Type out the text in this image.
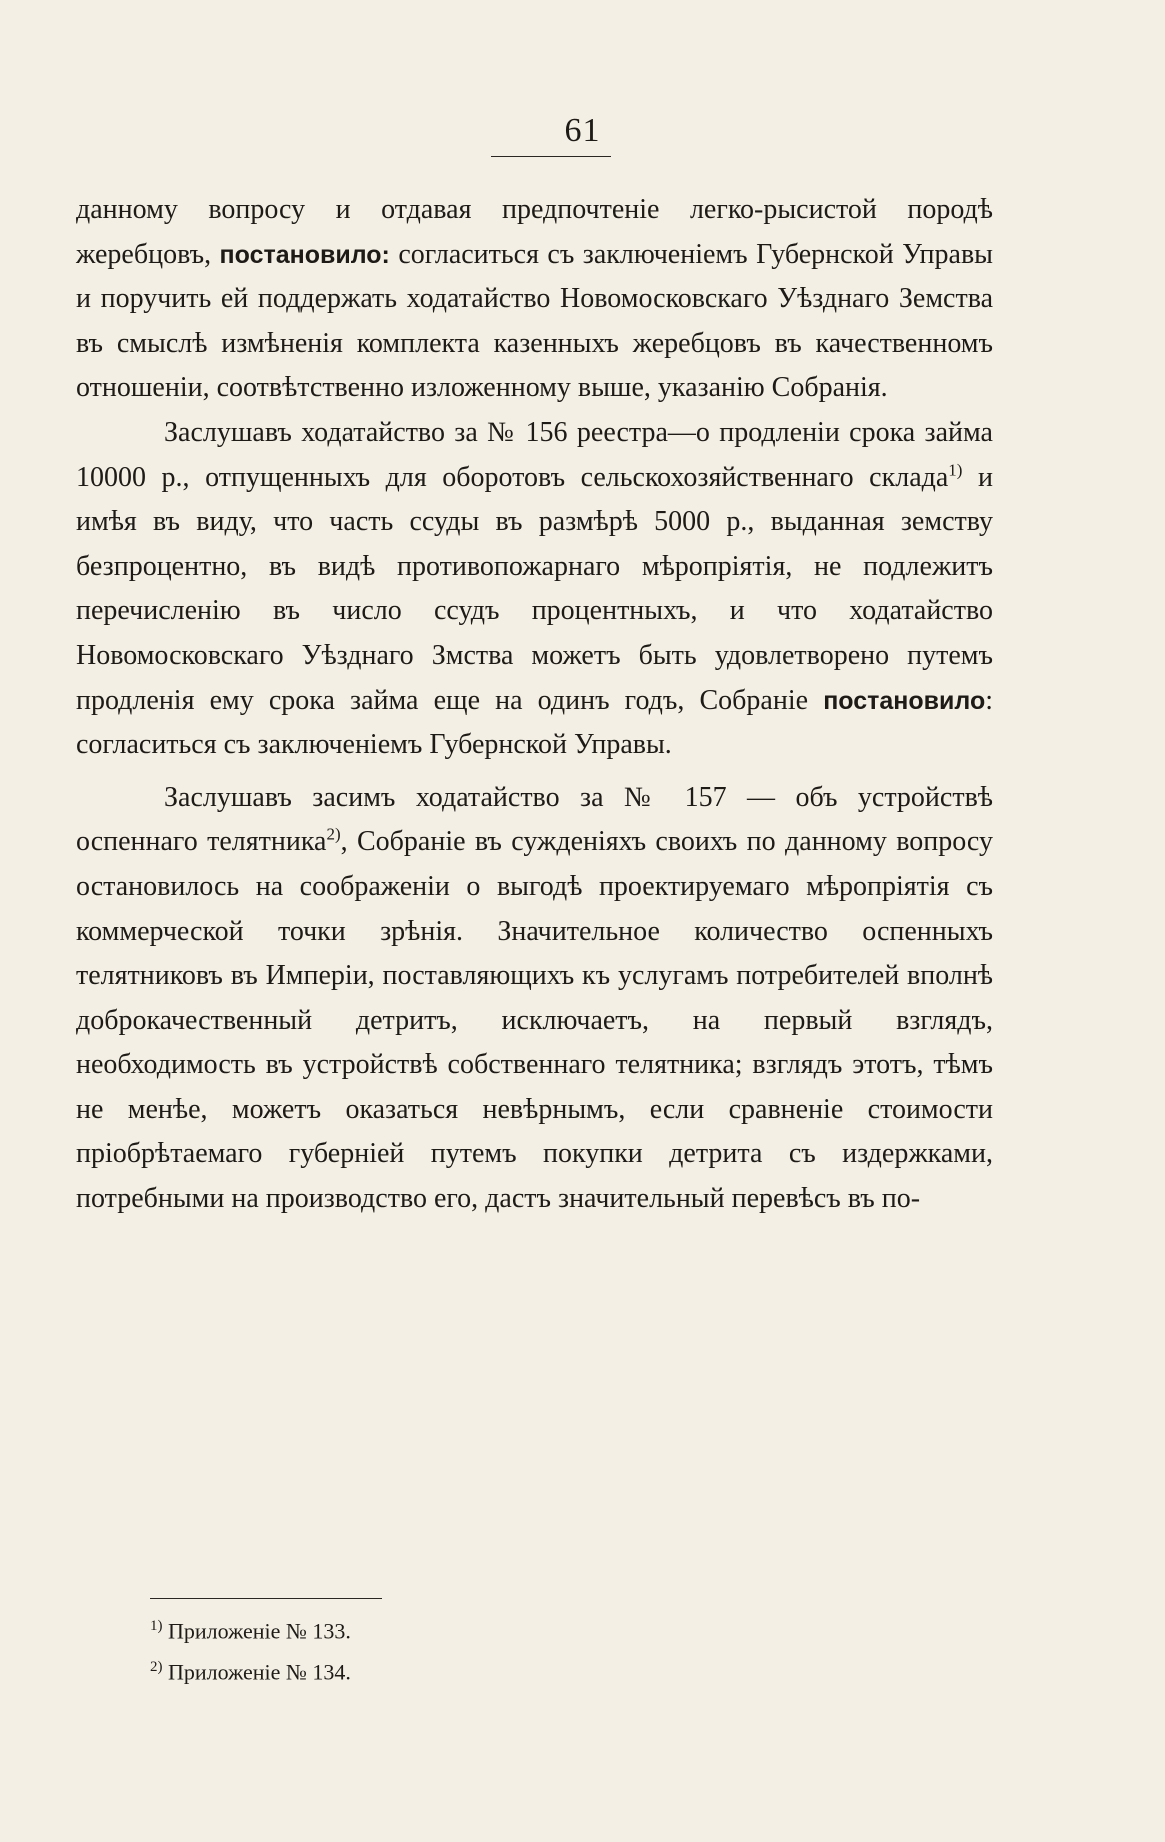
61

данному вопросу и отдавая предпочтеніе легко-рысистой породѣ жеребцовъ, постановило: согласиться съ заключеніемъ Губернской Управы и поручить ей поддержать ходатайство Новомосковскаго Уѣзднаго Земства въ смыслѣ измѣненія комплекта казенныхъ жеребцовъ въ качественномъ отношеніи, соотвѣтственно изложенному выше, указанію Собранія.

Заслушавъ ходатайство за № 156 реестра—о продленіи срока займа 10000 р., отпущенныхъ для оборотовъ сельскохозяйственнаго склада$^{1)}$ и имѣя въ виду, что часть ссуды въ размѣрѣ 5000 р., выданная земству безпроцентно, въ видѣ противопожарнаго мѣропріятія, не подлежитъ перечисленію въ число ссудъ процентныхъ, и что ходатайство Новомосковскаго Уѣзднаго Змства можетъ быть удовлетворено путемъ продленія ему срока займа еще на одинъ годъ, Собраніе постановило: согласиться съ заключеніемъ Губернской Управы.

Заслушавъ засимъ ходатайство за № 157 — объ устройствѣ оспеннаго телятника$^{2)}$, Собраніе въ сужденіяхъ своихъ по данному вопросу остановилось на соображеніи о выгодѣ проектируемаго мѣропріятія съ коммерческой точки зрѣнія. Значительное количество оспенныхъ телятниковъ въ Имперіи, поставляющихъ къ услугамъ потребителей вполнѣ доброкачественный детритъ, исключаетъ, на первый взглядъ, необходимость въ устройствѣ собственнаго телятника; взглядъ этотъ, тѣмъ не менѣе, можетъ оказаться невѣрнымъ, если сравненіе стоимости пріобрѣтаемаго губерніей путемъ покупки детрита съ издержками, потребными на производство его, дастъ значительный перевѣсъ въ по-

$^{1)}$ Приложеніе № 133.

$^{2)}$ Приложеніе № 134.
